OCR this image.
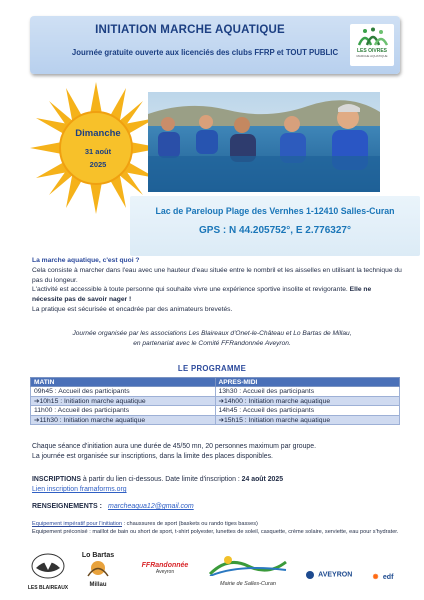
INITIATION MARCHE AQUATIQUE
Journée gratuite ouverte aux licenciés des clubs FFRP et TOUT PUBLIC	LES OIVRES
MARCHE AQUATIQUE
Dimanche
31 août
2025
Lac de Pareloup Plage des Vernhes 1-12410 Salles-Curan
GPS : N 44.205752°, E 2.776327°
La marche aquatique, c'est quoi ?
Cela consiste à marcher dans l'eau avec une hauteur d'eau située entre le nombril et les aisselles en utilisant la technique du pas du longeur.
L'activité est accessible à toute personne qui souhaite vivre une expérience sportive insolite et revigorante. Elle ne nécessite pas de savoir nager !
La pratique est sécurisée et encadrée par des animateurs brevetés.
Journée organisée par les associations Les Blaireaux d'Onet-le-Château et Lo Bartas de Millau,
en partenariat avec le Comité FFRandonnée Aveyron.
LE PROGRAMME
MATIN	APRES-MIDI
09h45 : Accueil des participants	13h30 : Accueil des participants
➔10h15 : Initiation marche aquatique	➔14h00 : Initiation marche aquatique
11h00 : Accueil des participants	14h45 : Accueil des participants
➔11h30 : Initiation marche aquatique	➔15h15 : Initiation marche aquatique
Chaque séance d'initiation aura une durée de 45/50 mn, 20 personnes maximum par groupe.
La journée est organisée sur inscriptions, dans la limite des places disponibles.
INSCRIPTIONS à partir du lien ci-dessous. Date limite d'inscription : 24 août 2025
Lien inscription framaforms.org
RENSEIGNEMENTS : marcheaqua12@gmail.com
Equipement impératif pour l'initiation : chaussures de sport (baskets ou rando tiges basses)
Equipement préconisé : maillot de bain ou short de sport, t-shirt polyester, lunettes de soleil, casquette, crème solaire, serviette, eau pour s'hydrater.
LES BLAIREAUX
Lo Bartas
Millau
FFRandonnée
Aveyron
Mairie de Salles-Curan
AVEYRON	✺ edf
